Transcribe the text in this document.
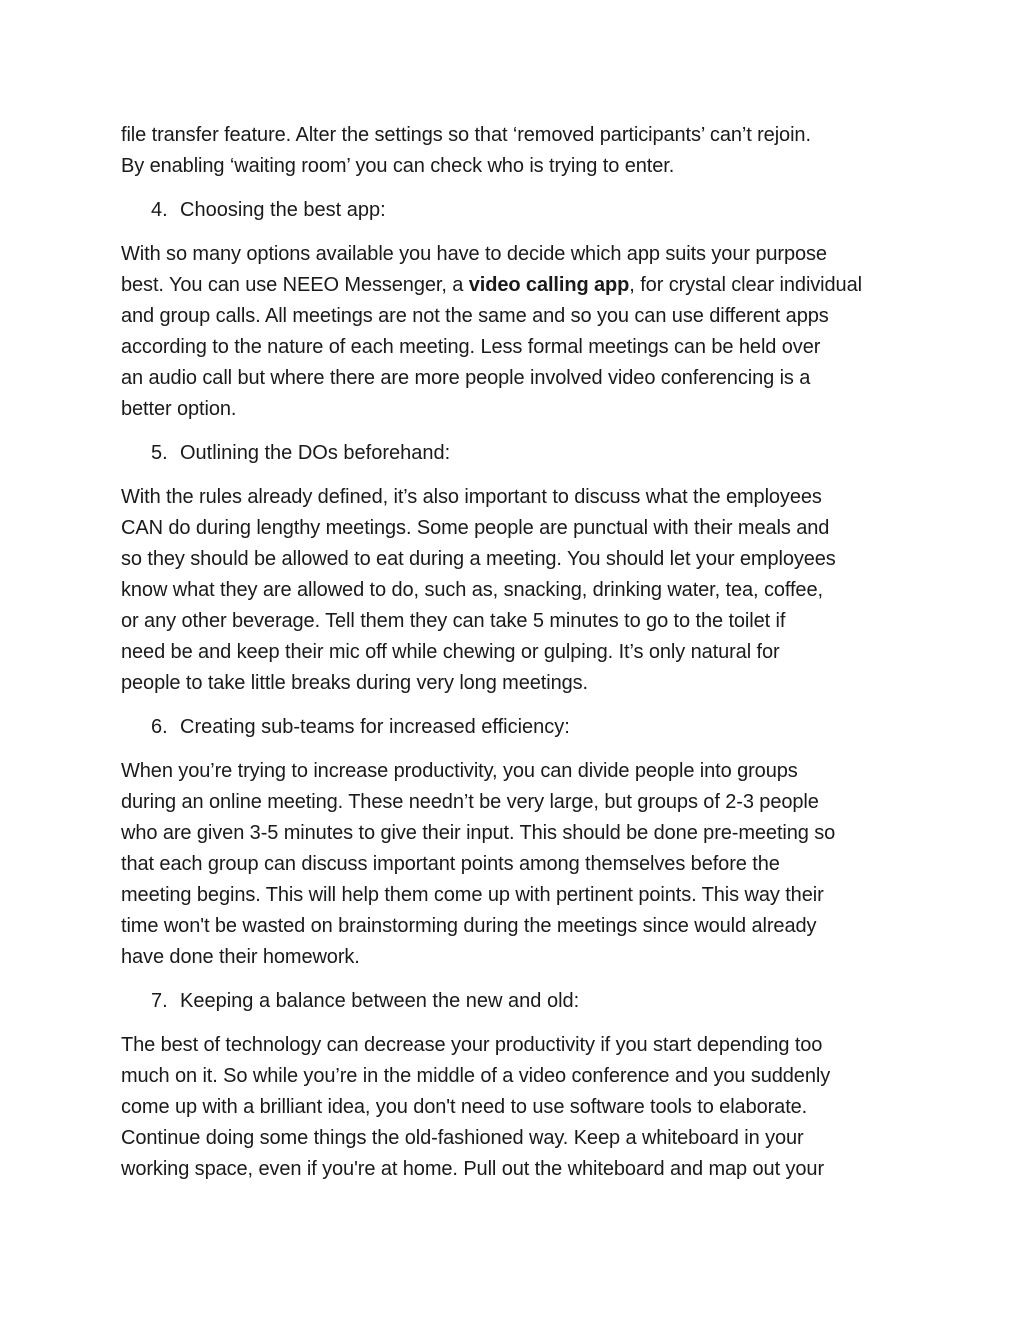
file transfer feature. Alter the settings so that ‘removed participants’ can’t rejoin.
By enabling ‘waiting room’ you can check who is trying to enter.

4. Choosing the best app:

With so many options available you have to decide which app suits your purpose
best. You can use NEEO Messenger, a video calling app, for crystal clear individual
and group calls. All meetings are not the same and so you can use different apps
according to the nature of each meeting. Less formal meetings can be held over
an audio call but where there are more people involved video conferencing is a
better option.

5. Outlining the DOs beforehand:

With the rules already defined, it’s also important to discuss what the employees
CAN do during lengthy meetings. Some people are punctual with their meals and
so they should be allowed to eat during a meeting. You should let your employees
know what they are allowed to do, such as, snacking, drinking water, tea, coffee,
or any other beverage. Tell them they can take 5 minutes to go to the toilet if
need be and keep their mic off while chewing or gulping. It’s only natural for
people to take little breaks during very long meetings.

6. Creating sub-teams for increased efficiency:

When you’re trying to increase productivity, you can divide people into groups
during an online meeting. These needn’t be very large, but groups of 2-3 people
who are given 3-5 minutes to give their input. This should be done pre-meeting so
that each group can discuss important points among themselves before the
meeting begins. This will help them come up with pertinent points. This way their
time won't be wasted on brainstorming during the meetings since would already
have done their homework.

7. Keeping a balance between the new and old:

The best of technology can decrease your productivity if you start depending too
much on it. So while you’re in the middle of a video conference and you suddenly
come up with a brilliant idea, you don't need to use software tools to elaborate.
Continue doing some things the old-fashioned way. Keep a whiteboard in your
working space, even if you're at home. Pull out the whiteboard and map out your
